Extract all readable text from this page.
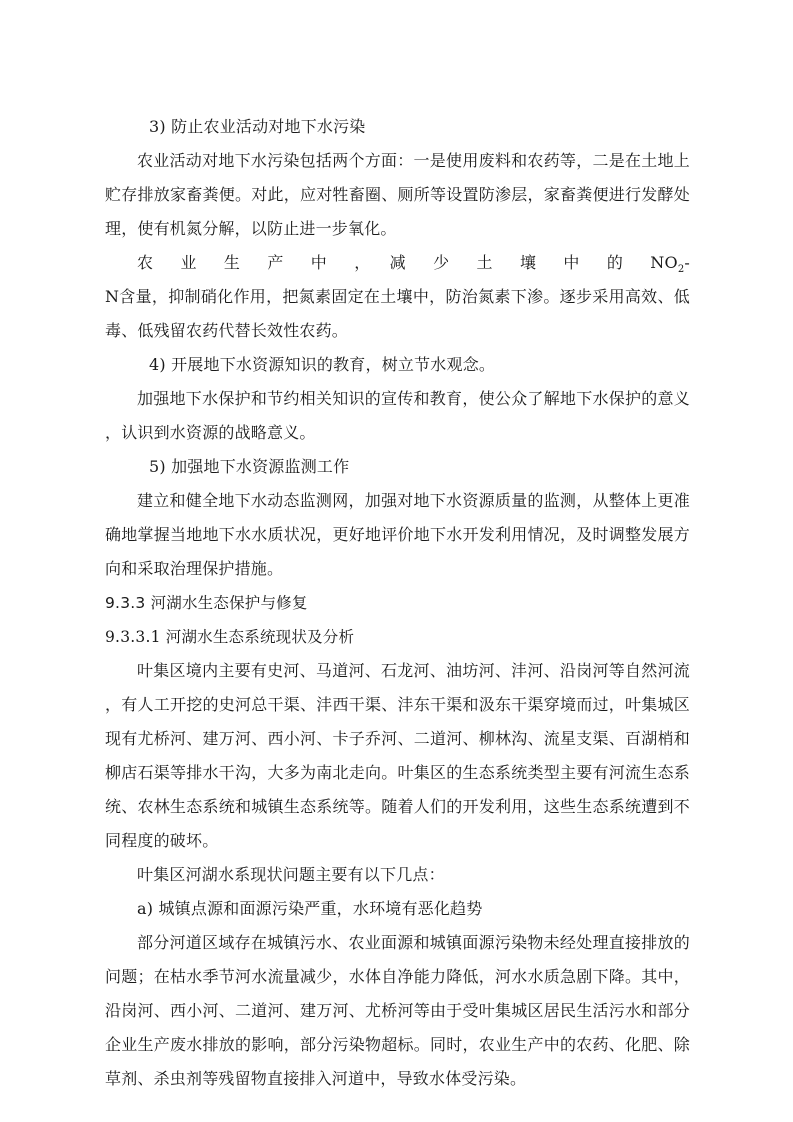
3) 防止农业活动对地下水污染
农业活动对地下水污染包括两个方面：一是使用废料和农药等，二是在土地上
贮存排放家畜粪便。对此，应对牲畜圈、厕所等设置防渗层，家畜粪便进行发酵处
理，使有机氮分解，以防止进一步氧化。
农　业　生　产　中　，　减　少　土　壤　中　的　$NO_2-$
N含量，抑制硝化作用，把氮素固定在土壤中，防治氮素下渗。逐步采用高效、低
毒、低残留农药代替长效性农药。
4) 开展地下水资源知识的教育，树立节水观念。
加强地下水保护和节约相关知识的宣传和教育，使公众了解地下水保护的意义
，认识到水资源的战略意义。
5) 加强地下水资源监测工作
建立和健全地下水动态监测网，加强对地下水资源质量的监测，从整体上更准
确地掌握当地地下水水质状况，更好地评价地下水开发利用情况，及时调整发展方
向和采取治理保护措施。
9.3.3 河湖水生态保护与修复
9.3.3.1 河湖水生态系统现状及分析
叶集区境内主要有史河、马道河、石龙河、油坊河、沣河、沿岗河等自然河流
，有人工开挖的史河总干渠、沣西干渠、沣东干渠和汲东干渠穿境而过，叶集城区
现有尤桥河、建万河、西小河、卡子乔河、二道河、柳林沟、流星支渠、百湖梢和
柳店石渠等排水干沟，大多为南北走向。叶集区的生态系统类型主要有河流生态系
统、农林生态系统和城镇生态系统等。随着人们的开发利用，这些生态系统遭到不
同程度的破坏。
叶集区河湖水系现状问题主要有以下几点：
a) 城镇点源和面源污染严重，水环境有恶化趋势
部分河道区域存在城镇污水、农业面源和城镇面源污染物未经处理直接排放的
问题；在枯水季节河水流量减少，水体自净能力降低，河水水质急剧下降。其中，
沿岗河、西小河、二道河、建万河、尤桥河等由于受叶集城区居民生活污水和部分
企业生产废水排放的影响，部分污染物超标。同时，农业生产中的农药、化肥、除
草剂、杀虫剂等残留物直接排入河道中，导致水体受污染。
